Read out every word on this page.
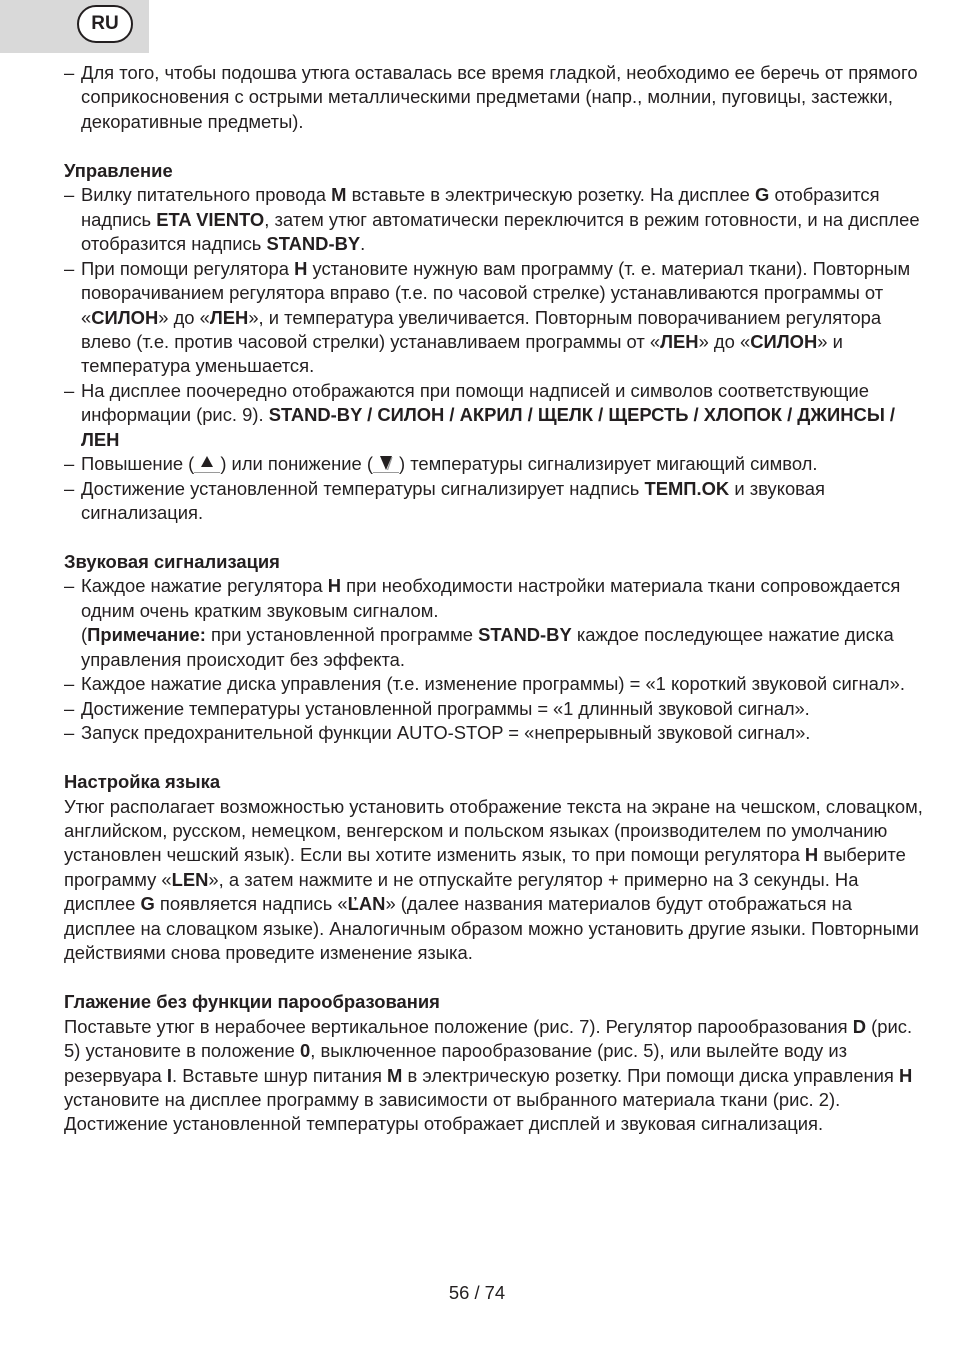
RU
– Для того, чтобы подошва утюга оставалась все время гладкой, необходимо ее беречь от прямого соприкосновения с острыми металлическими предметами (напр., молнии, пуговицы, застежки, декоративные предметы).
Управление
– Вилку питательного провода M вставьте в электрическую розетку. На дисплее G отобразится надпись ETA VIENTO, затем утюг автоматически переключится в режим готовности, и на дисплее отобразится надпись STAND-BY.
– При помощи регулятора H установите нужную вам программу (т. е. материал ткани). Повторным поворачиванием регулятора вправо (т.е. по часовой стрелке) устанавливаются программы от «СИЛОН» до «ЛЕН», и температура увеличивается. Повторным поворачиванием регулятора влево (т.е. против часовой стрелки) устанавливаем программы от «ЛЕН» до «СИЛОН» и температура уменьшается.
– На дисплее поочередно отображаются при помощи надписей и символов соответствующие информации (рис. 9). STAND-BY / СИЛОН / АКРИЛ / ЩЕЛК / ЩЕРСТЬ / ХЛОПОК / ДЖИНСЫ / ЛЕН
– Повышение ( ) или понижение ( ) температуры сигнализирует мигающий символ.
– Достижение установленной температуры сигнализирует надпись ТЕМП.OK и звуковая сигнализация.
Звуковая сигнализация
– Каждое нажатие регулятора H при необходимости настройки материала ткани сопровождается одним очень кратким звуковым сигналом.
(Примечание: при установленной программе STAND-BY каждое последующее нажатие диска управления происходит без эффекта.
– Каждое нажатие диска управления (т.е. изменение программы) = «1 короткий звуковой сигнал».
– Достижение температуры установленной программы = «1 длинный звуковой сигнал».
– Запуск предохранительной функции AUTO-STOP = «непрерывный звуковой сигнал».
Настройка языка
Утюг располагает возможностью установить отображение текста на экране на чешском, словацком, английском, русском, немецком, венгерском и польском языках (производителем по умолчанию установлен чешский язык). Если вы хотите изменить язык, то при помощи регулятора H выберите программу «LEN», а затем нажмите и не отпускайте регулятор + примерно на 3 секунды. На дисплее G появляется надпись «ĽAN» (далее названия материалов будут отображаться на дисплее на словацком языке). Аналогичным образом можно установить другие языки. Повторными действиями снова проведите изменение языка.
Глажение без функции парообразования
Поставьте утюг в нерабочее вертикальное положение (рис. 7). Регулятор парообразования D (рис. 5) установите в положение 0, выключенное парообразование (рис. 5), или вылейте воду из резервуара I. Вставьте шнур питания M в электрическую розетку. При помощи диска управления H установите на дисплее программу в зависимости от выбранного материала ткани (рис. 2). Достижение установленной температуры отображает дисплей и звуковая сигнализация.
56 / 74
